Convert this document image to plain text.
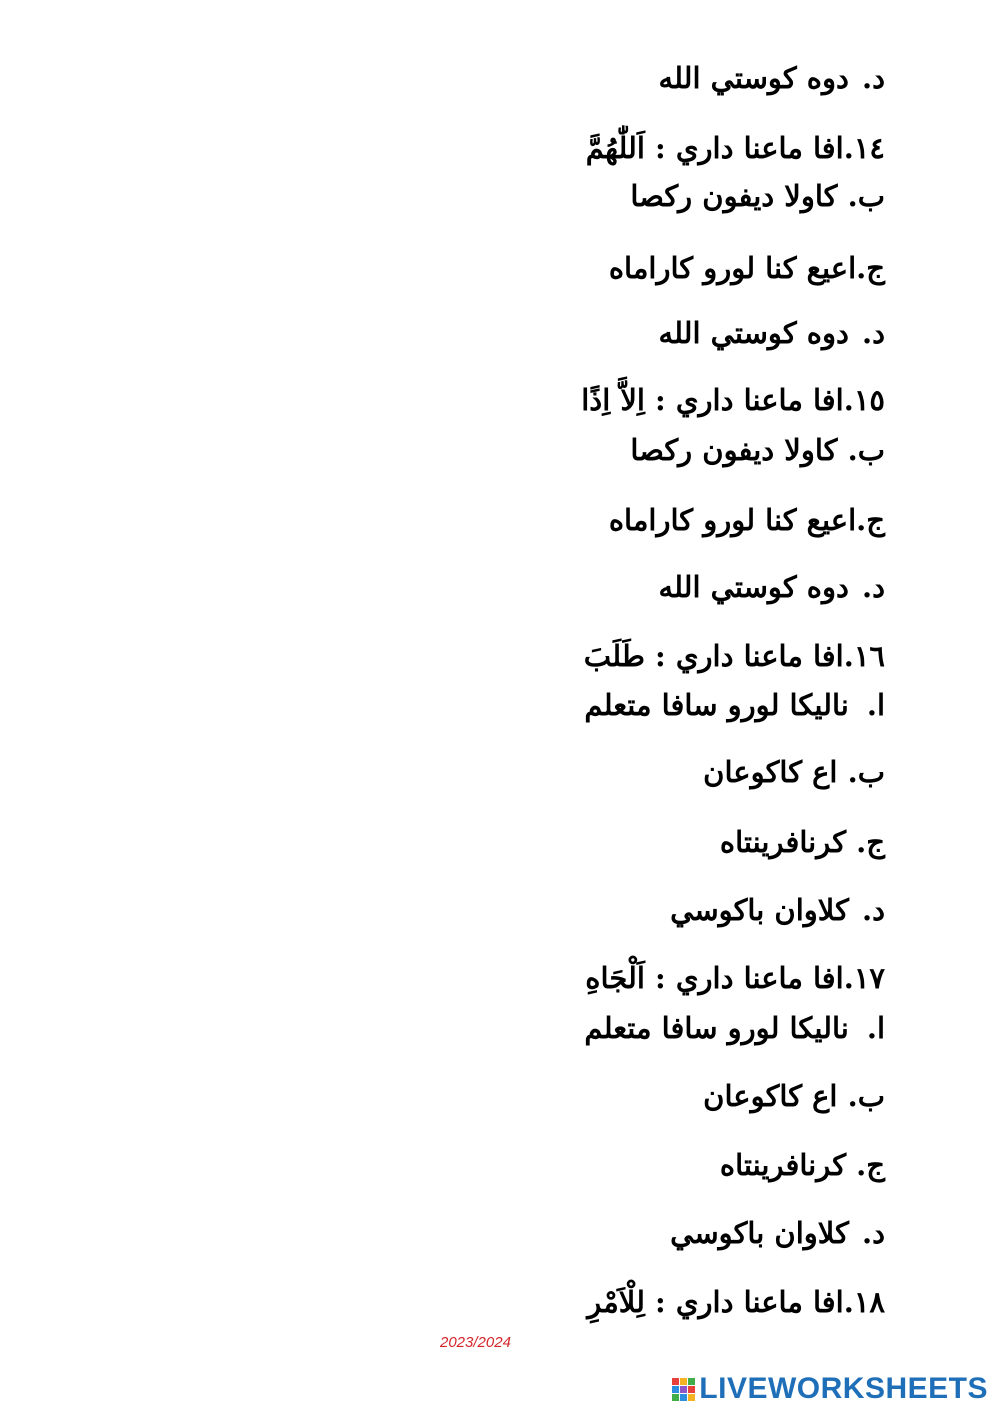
د. دوه کوستي الله
١٤.افا ماعنا داري : اَللّٰهُمَّ
ب. کاولا ديفون رکصا
ج.اعيع کنا لورو کاراماه
د. دوه کوستي الله
١٥.افا ماعنا داري : اِلاَّ اِذًا
ب. کاولا ديفون رکصا
ج.اعيع کنا لورو کاراماه
د. دوه کوستي الله
١٦.افا ماعنا داري : طَلَبَ
ا. ناليکا لورو سافا متعلم
ب. اع کاکوعان
ج. کرنافرينتاه
د. کلاوان باکوسي
١٧.افا ماعنا داري : اَلْجَاهِ
ا. ناليکا لورو سافا متعلم
ب. اع کاکوعان
ج. کرنافرينتاه
د. کلاوان باکوسي
١٨.افا ماعنا داري : لِلْاَمْرِ
2023/2024
LIVEWORKSHEETS
